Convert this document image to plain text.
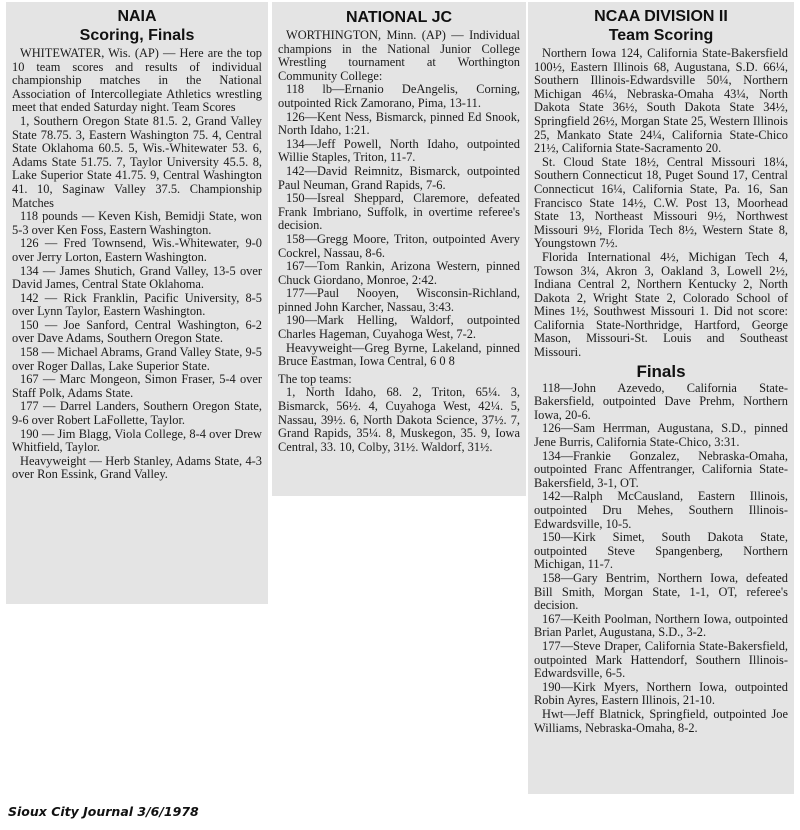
NAIA
Scoring, Finals

WHITEWATER, Wis. (AP) — Here are the top 10 team scores and results of individual championship matches in the National Association of Intercollegiate Athletics wrestling meet that ended Saturday night. Team Scores

1, Southern Oregon State 81.5. 2, Grand Valley State 78.75. 3, Eastern Washington 75. 4, Central State Oklahoma 60.5. 5, Wis.-Whitewater 53. 6, Adams State 51.75. 7, Taylor University 45.5. 8, Lake Superior State 41.75. 9, Central Washington 41. 10, Saginaw Valley 37.5. Championship Matches

118 pounds — Keven Kish, Bemidji State, won 5-3 over Ken Foss, Eastern Washington.

126 — Fred Townsend, Wis.-Whitewater, 9-0 over Jerry Lorton, Eastern Washington.

134 — James Shutich, Grand Valley, 13-5 over David James, Central State Oklahoma.

142 — Rick Franklin, Pacific University, 8-5 over Lynn Taylor, Eastern Washington.

150 — Joe Sanford, Central Washington, 6-2 over Dave Adams, Southern Oregon State.

158 — Michael Abrams, Grand Valley State, 9-5 over Roger Dallas, Lake Superior State.

167 — Marc Mongeon, Simon Fraser, 5-4 over Staff Polk, Adams State.

177 — Darrel Landers, Southern Oregon State, 9-6 over Robert LaFollette, Taylor.

190 — Jim Blagg, Viola College, 8-4 over Drew Whitfield, Taylor.

Heavyweight — Herb Stanley, Adams State, 4-3 over Ron Essink, Grand Valley.

NATIONAL JC

WORTHINGTON, Minn. (AP) — Individual champions in the National Junior College Wrestling tournament at Worthington Community College:

118 lb—Ernanio DeAngelis, Corning, outpointed Rick Zamorano, Pima, 13-11.

126—Kent Ness, Bismarck, pinned Ed Snook, North Idaho, 1:21.

134—Jeff Powell, North Idaho, outpointed Willie Staples, Triton, 11-7.

142—David Reimnitz, Bismarck, outpointed Paul Neuman, Grand Rapids, 7-6.

150—Isreal Sheppard, Claremore, defeated Frank Imbriano, Suffolk, in overtime referee's decision.

158—Gregg Moore, Triton, outpointed Avery Cockrel, Nassau, 8-6.

167—Tom Rankin, Arizona Western, pinned Chuck Giordano, Monroe, 2:42.

177—Paul Nooyen, Wisconsin-Richland, pinned John Karcher, Nassau, 3:43.

190—Mark Helling, Waldorf, outpointed Charles Hageman, Cuyahoga West, 7-2.

Heavyweight—Greg Byrne, Lakeland, pinned Bruce Eastman, Iowa Central, 6 0 8

The top teams:

1, North Idaho, 68. 2, Triton, 65¼. 3, Bismarck, 56½. 4, Cuyahoga West, 42¼. 5, Nassau, 39½. 6, North Dakota Science, 37½. 7, Grand Rapids, 35¼. 8, Muskegon, 35. 9, Iowa Central, 33. 10, Colby, 31½. Waldorf, 31½.

NCAA DIVISION II
Team Scoring

Northern Iowa 124, California State-Bakersfield 100½, Eastern Illinois 68, Augustana, S.D. 66¼, Southern Illinois-Edwardsville 50¼, Northern Michigan 46¼, Nebraska-Omaha 43¼, North Dakota State 36½, South Dakota State 34½, Springfield 26½, Morgan State 25, Western Illinois 25, Mankato State 24¼, California State-Chico 21½, California State-Sacramento 20.

St. Cloud State 18½, Central Missouri 18¼, Southern Connecticut 18, Puget Sound 17, Central Connecticut 16¼, California State, Pa. 16, San Francisco State 14½, C.W. Post 13, Moorhead State 13, Northeast Missouri 9½, Northwest Missouri 9½, Florida Tech 8½, Western State 8, Youngstown 7½.

Florida International 4½, Michigan Tech 4, Towson 3¼, Akron 3, Oakland 3, Lowell 2½, Indiana Central 2, Northern Kentucky 2, North Dakota 2, Wright State 2, Colorado School of Mines 1½, Southwest Missouri 1. Did not score: California State-Northridge, Hartford, George Mason, Missouri-St. Louis and Southeast Missouri.

Finals

118—John Azevedo, California State-Bakersfield, outpointed Dave Prehm, Northern Iowa, 20-6.

126—Sam Herrman, Augustana, S.D., pinned Jene Burris, California State-Chico, 3:31.

134—Frankie Gonzalez, Nebraska-Omaha, outpointed Franc Affentranger, California State-Bakersfield, 3-1, OT.

142—Ralph McCausland, Eastern Illinois, outpointed Dru Mehes, Southern Illinois-Edwardsville, 10-5.

150—Kirk Simet, South Dakota State, outpointed Steve Spangenberg, Northern Michigan, 11-7.

158—Gary Bentrim, Northern Iowa, defeated Bill Smith, Morgan State, 1-1, OT, referee's decision.

167—Keith Poolman, Northern Iowa, outpointed Brian Parlet, Augustana, S.D., 3-2.

177—Steve Draper, California State-Bakersfield, outpointed Mark Hattendorf, Southern Illinois-Edwardsville, 6-5.

190—Kirk Myers, Northern Iowa, outpointed Robin Ayres, Eastern Illinois, 21-10.

Hwt—Jeff Blatnick, Springfield, outpointed Joe Williams, Nebraska-Omaha, 8-2.

Sioux City Journal 3/6/1978
